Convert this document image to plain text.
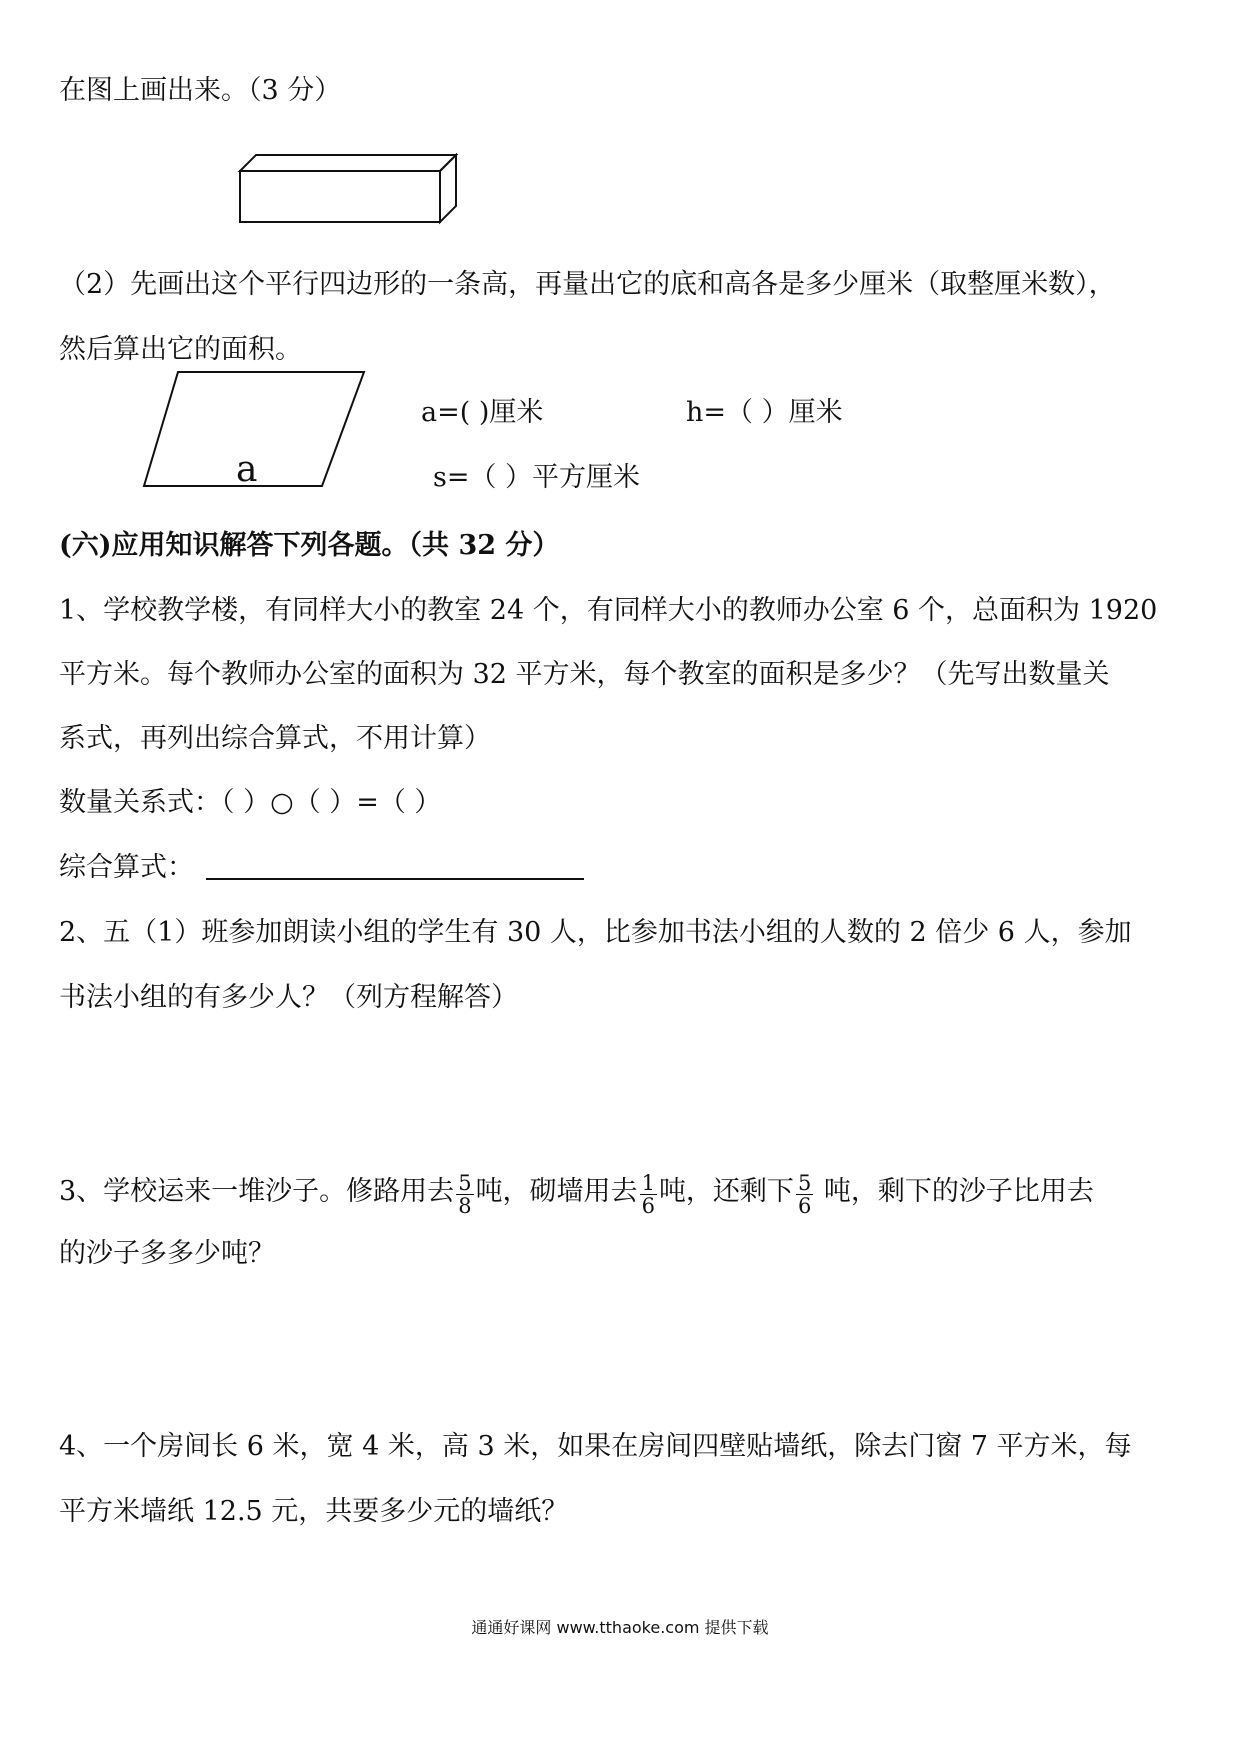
在图上画出来。（3 分）
（2）先画出这个平行四边形的一条高，再量出它的底和高各是多少厘米（取整厘米数），
然后算出它的面积。
a
a=( )厘米	h=（ ）厘米
s=（ ）平方厘米
(六)应用知识解答下列各题。（共 32 分）
1、学校教学楼，有同样大小的教室 24 个，有同样大小的教师办公室 6 个，总面积为 1920
平方米。每个教师办公室的面积为 32 平方米，每个教室的面积是多少？（先写出数量关
系式，再列出综合算式，不用计算）
数量关系式：（ ）○（ ）=（ ）
综合算式：
2、五（1）班参加朗读小组的学生有 30 人，比参加书法小组的人数的 2 倍少 6 人，参加
书法小组的有多少人？（列方程解答）
3、学校运来一堆沙子。修路用去 $\frac{5}{8}$ 吨，砌墙用去 $\frac{1}{6}$ 吨，还剩下 $\frac{5}{6}$ 吨，剩下的沙子比用去
的沙子多多少吨？
4、一个房间长 6 米，宽 4 米，高 3 米，如果在房间四壁贴墙纸，除去门窗 7 平方米，每
平方米墙纸 12.5 元，共要多少元的墙纸？
通通好课网 www.tthaoke.com 提供下载
